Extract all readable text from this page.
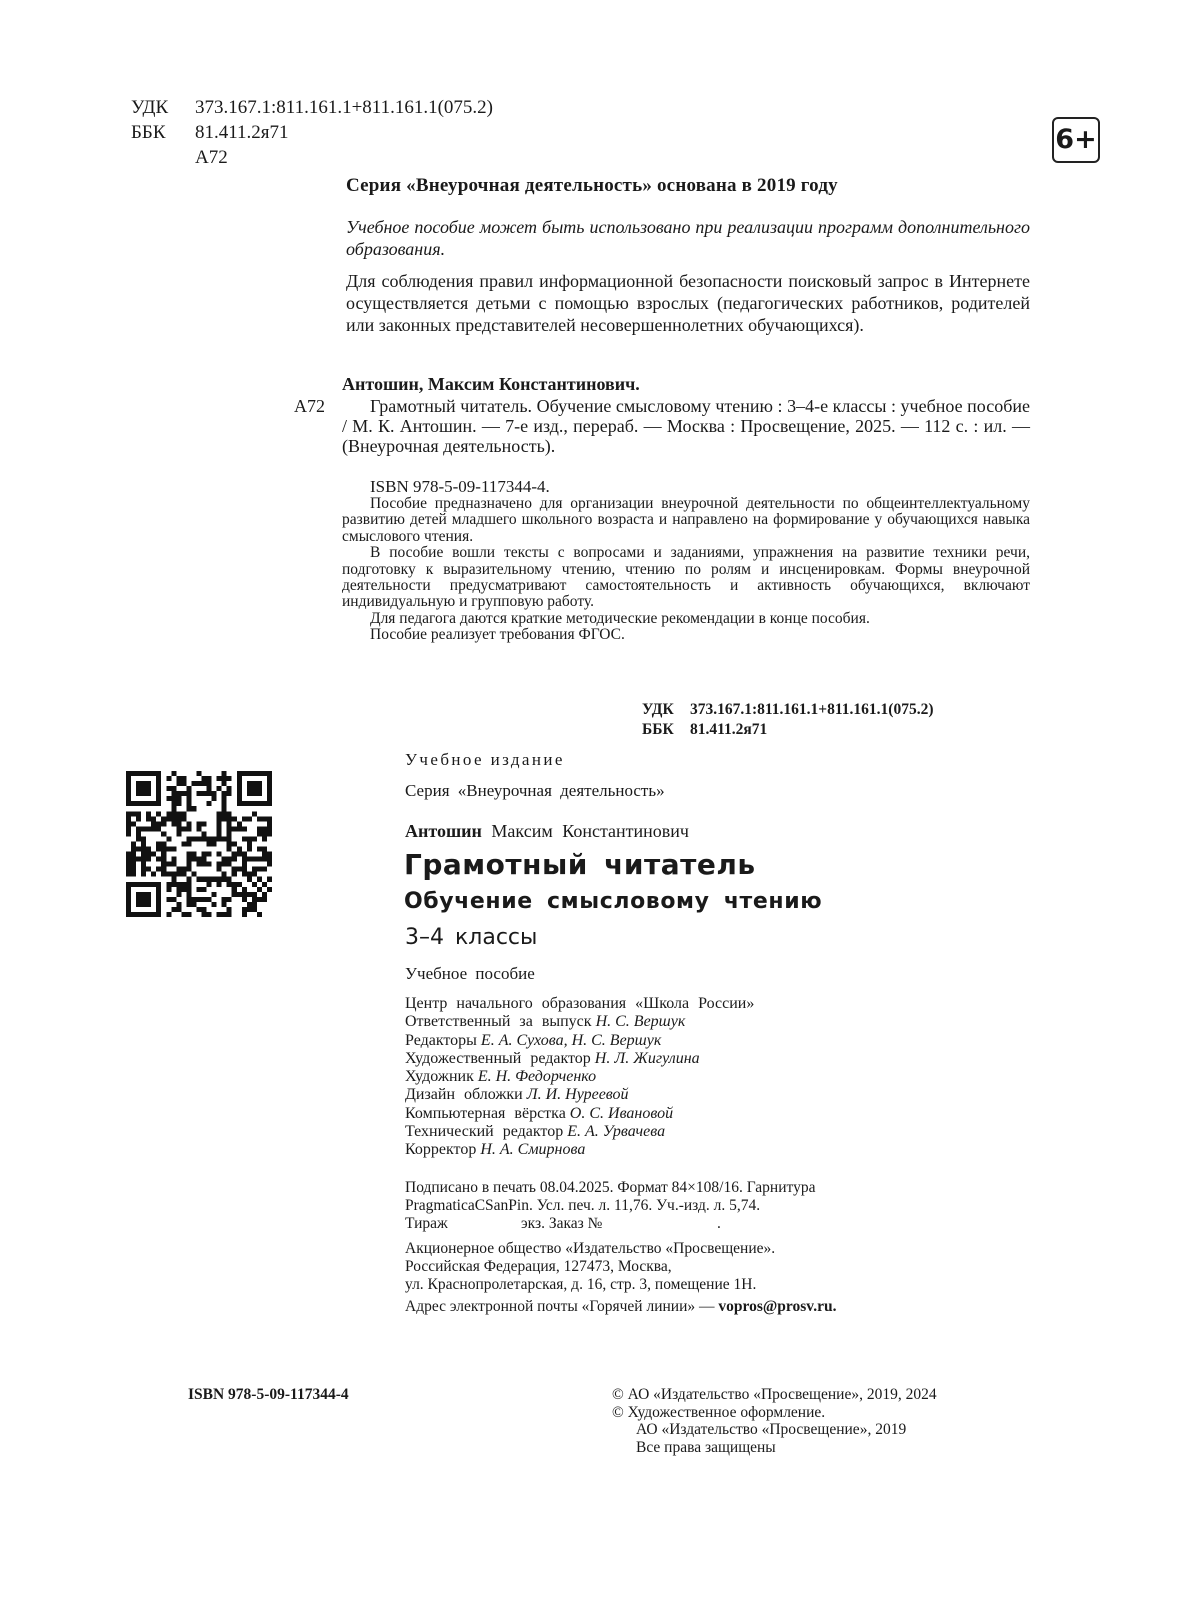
УДК 373.167.1:811.161.1+811.161.1(075.2)
ББК 81.411.2я71
А72
6+
Серия «Внеурочная деятельность» основана в 2019 году
Учебное пособие может быть использовано при реализации программ дополнительного образования.
Для соблюдения правил информационной безопасности поисковый запрос в Интернете осуществляется детьми с помощью взрослых (педагогических работников, родителей или законных представителей несовершеннолетних обучающихся).
Антошин, Максим Константинович.
А72	Грамотный читатель. Обучение смысловому чтению : 3–4-е классы : учебное пособие / М. К. Антошин. — 7-е изд., перераб. — Москва : Просвещение, 2025. — 112 с. : ил. — (Внеурочная деятельность).
ISBN 978-5-09-117344-4.

Пособие предназначено для организации внеурочной деятельности по общеинтеллектуальному развитию детей младшего школьного возраста и направлено на формирование у обучающихся навыка смыслового чтения.

В пособие вошли тексты с вопросами и заданиями, упражнения на развитие техники речи, подготовку к выразительному чтению, чтению по ролям и инсценировкам. Формы внеурочной деятельности предусматривают самостоятельность и активность обучающихся, включают индивидуальную и групповую работу.

Для педагога даются краткие методические рекомендации в конце пособия.

Пособие реализует требования ФГОС.

УДК 373.167.1:811.161.1+811.161.1(075.2)
ББК 81.411.2я71
Учебное издание
Серия «Внеурочная деятельность»
Антошин Максим Константинович
Грамотный читатель
Обучение смысловому чтению
3–4 классы
Учебное пособие
Центр начального образования «Школа России»
Ответственный за выпуск Н. С. Вершук
Редакторы Е. А. Сухова, Н. С. Вершук
Художественный редактор Н. Л. Жигулина
Художник Е. Н. Федорченко
Дизайн обложки Л. И. Нуреевой
Компьютерная вёрстка О. С. Ивановой
Технический редактор Е. А. Урвачева
Корректор Н. А. Смирнова
Подписано в печать 08.04.2025. Формат 84×108/16. Гарнитура
PragmaticaCSanPin. Усл. печ. л. 11,76. Уч.-изд. л. 5,74.
Тираж	экз. Заказ №	.
Акционерное общество «Издательство «Просвещение».
Российская Федерация, 127473, Москва,
ул. Краснопролетарская, д. 16, стр. 3, помещение 1Н.
Адрес электронной почты «Горячей линии» — vopros@prosv.ru.
ISBN 978-5-09-117344-4	© АО «Издательство «Просвещение», 2019, 2024
© Художественное оформление.
АО «Издательство «Просвещение», 2019
Все права защищены
